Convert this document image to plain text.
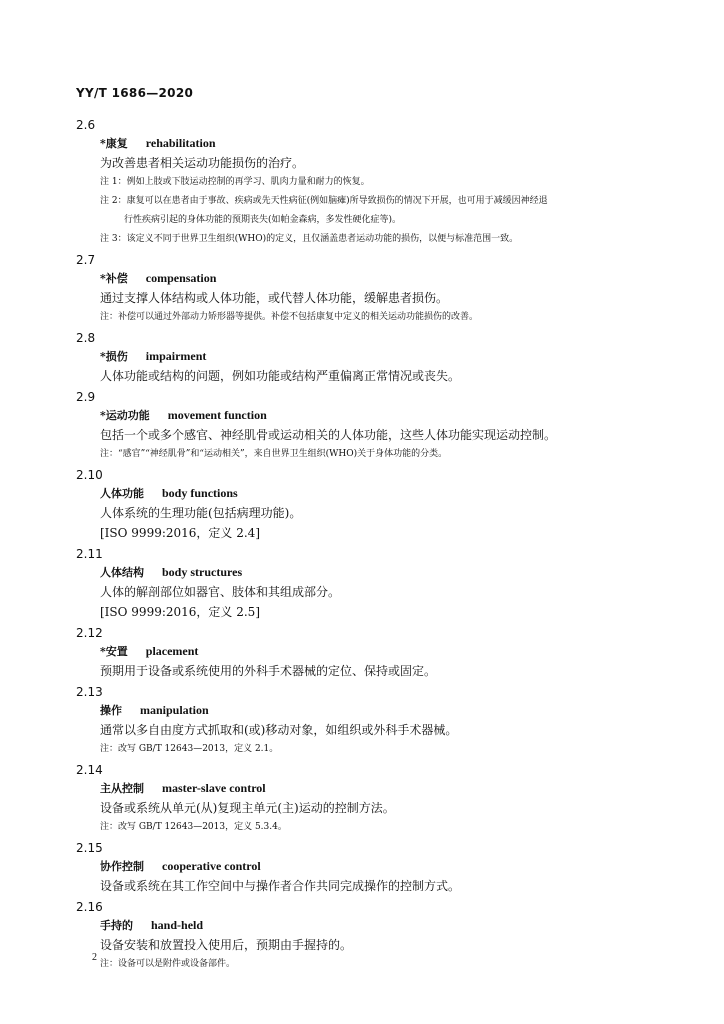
YY/T 1686—2020
2.6
*康复 rehabilitation
为改善患者相关运动功能损伤的治疗。
注 1：例如上肢或下肢运动控制的再学习、肌肉力量和耐力的恢复。
注 2：康复可以在患者由于事故、疾病或先天性病征(例如脑瘫)所导致损伤的情况下开展，也可用于减缓因神经退
行性疾病引起的身体功能的预期丧失(如帕金森病，多发性硬化症等)。
注 3：该定义不同于世界卫生组织(WHO)的定义，且仅涵盖患者运动功能的损伤，以便与标准范围一致。
2.7
*补偿 compensation
通过支撑人体结构或人体功能，或代替人体功能，缓解患者损伤。
注：补偿可以通过外部动力矫形器等提供。补偿不包括康复中定义的相关运动功能损伤的改善。
2.8
*损伤 impairment
人体功能或结构的问题，例如功能或结构严重偏离正常情况或丧失。
2.9
*运动功能 movement function
包括一个或多个感官、神经肌骨或运动相关的人体功能，这些人体功能实现运动控制。
注：“感官”“神经肌骨”和“运动相关”，来自世界卫生组织(WHO)关于身体功能的分类。
2.10
人体功能 body functions
人体系统的生理功能(包括病理功能)。
[ISO 9999:2016，定义 2.4]
2.11
人体结构 body structures
人体的解剖部位如器官、肢体和其组成部分。
[ISO 9999:2016，定义 2.5]
2.12
*安置 placement
预期用于设备或系统使用的外科手术器械的定位、保持或固定。
2.13
操作 manipulation
通常以多自由度方式抓取和(或)移动对象，如组织或外科手术器械。
注：改写 GB/T 12643—2013，定义 2.1。
2.14
主从控制 master-slave control
设备或系统从单元(从)复现主单元(主)运动的控制方法。
注：改写 GB/T 12643—2013，定义 5.3.4。
2.15
协作控制 cooperative control
设备或系统在其工作空间中与操作者合作共同完成操作的控制方式。
2.16
手持的 hand-held
设备安装和放置投入使用后，预期由手握持的。
注：设备可以是附件或设备部件。
2
